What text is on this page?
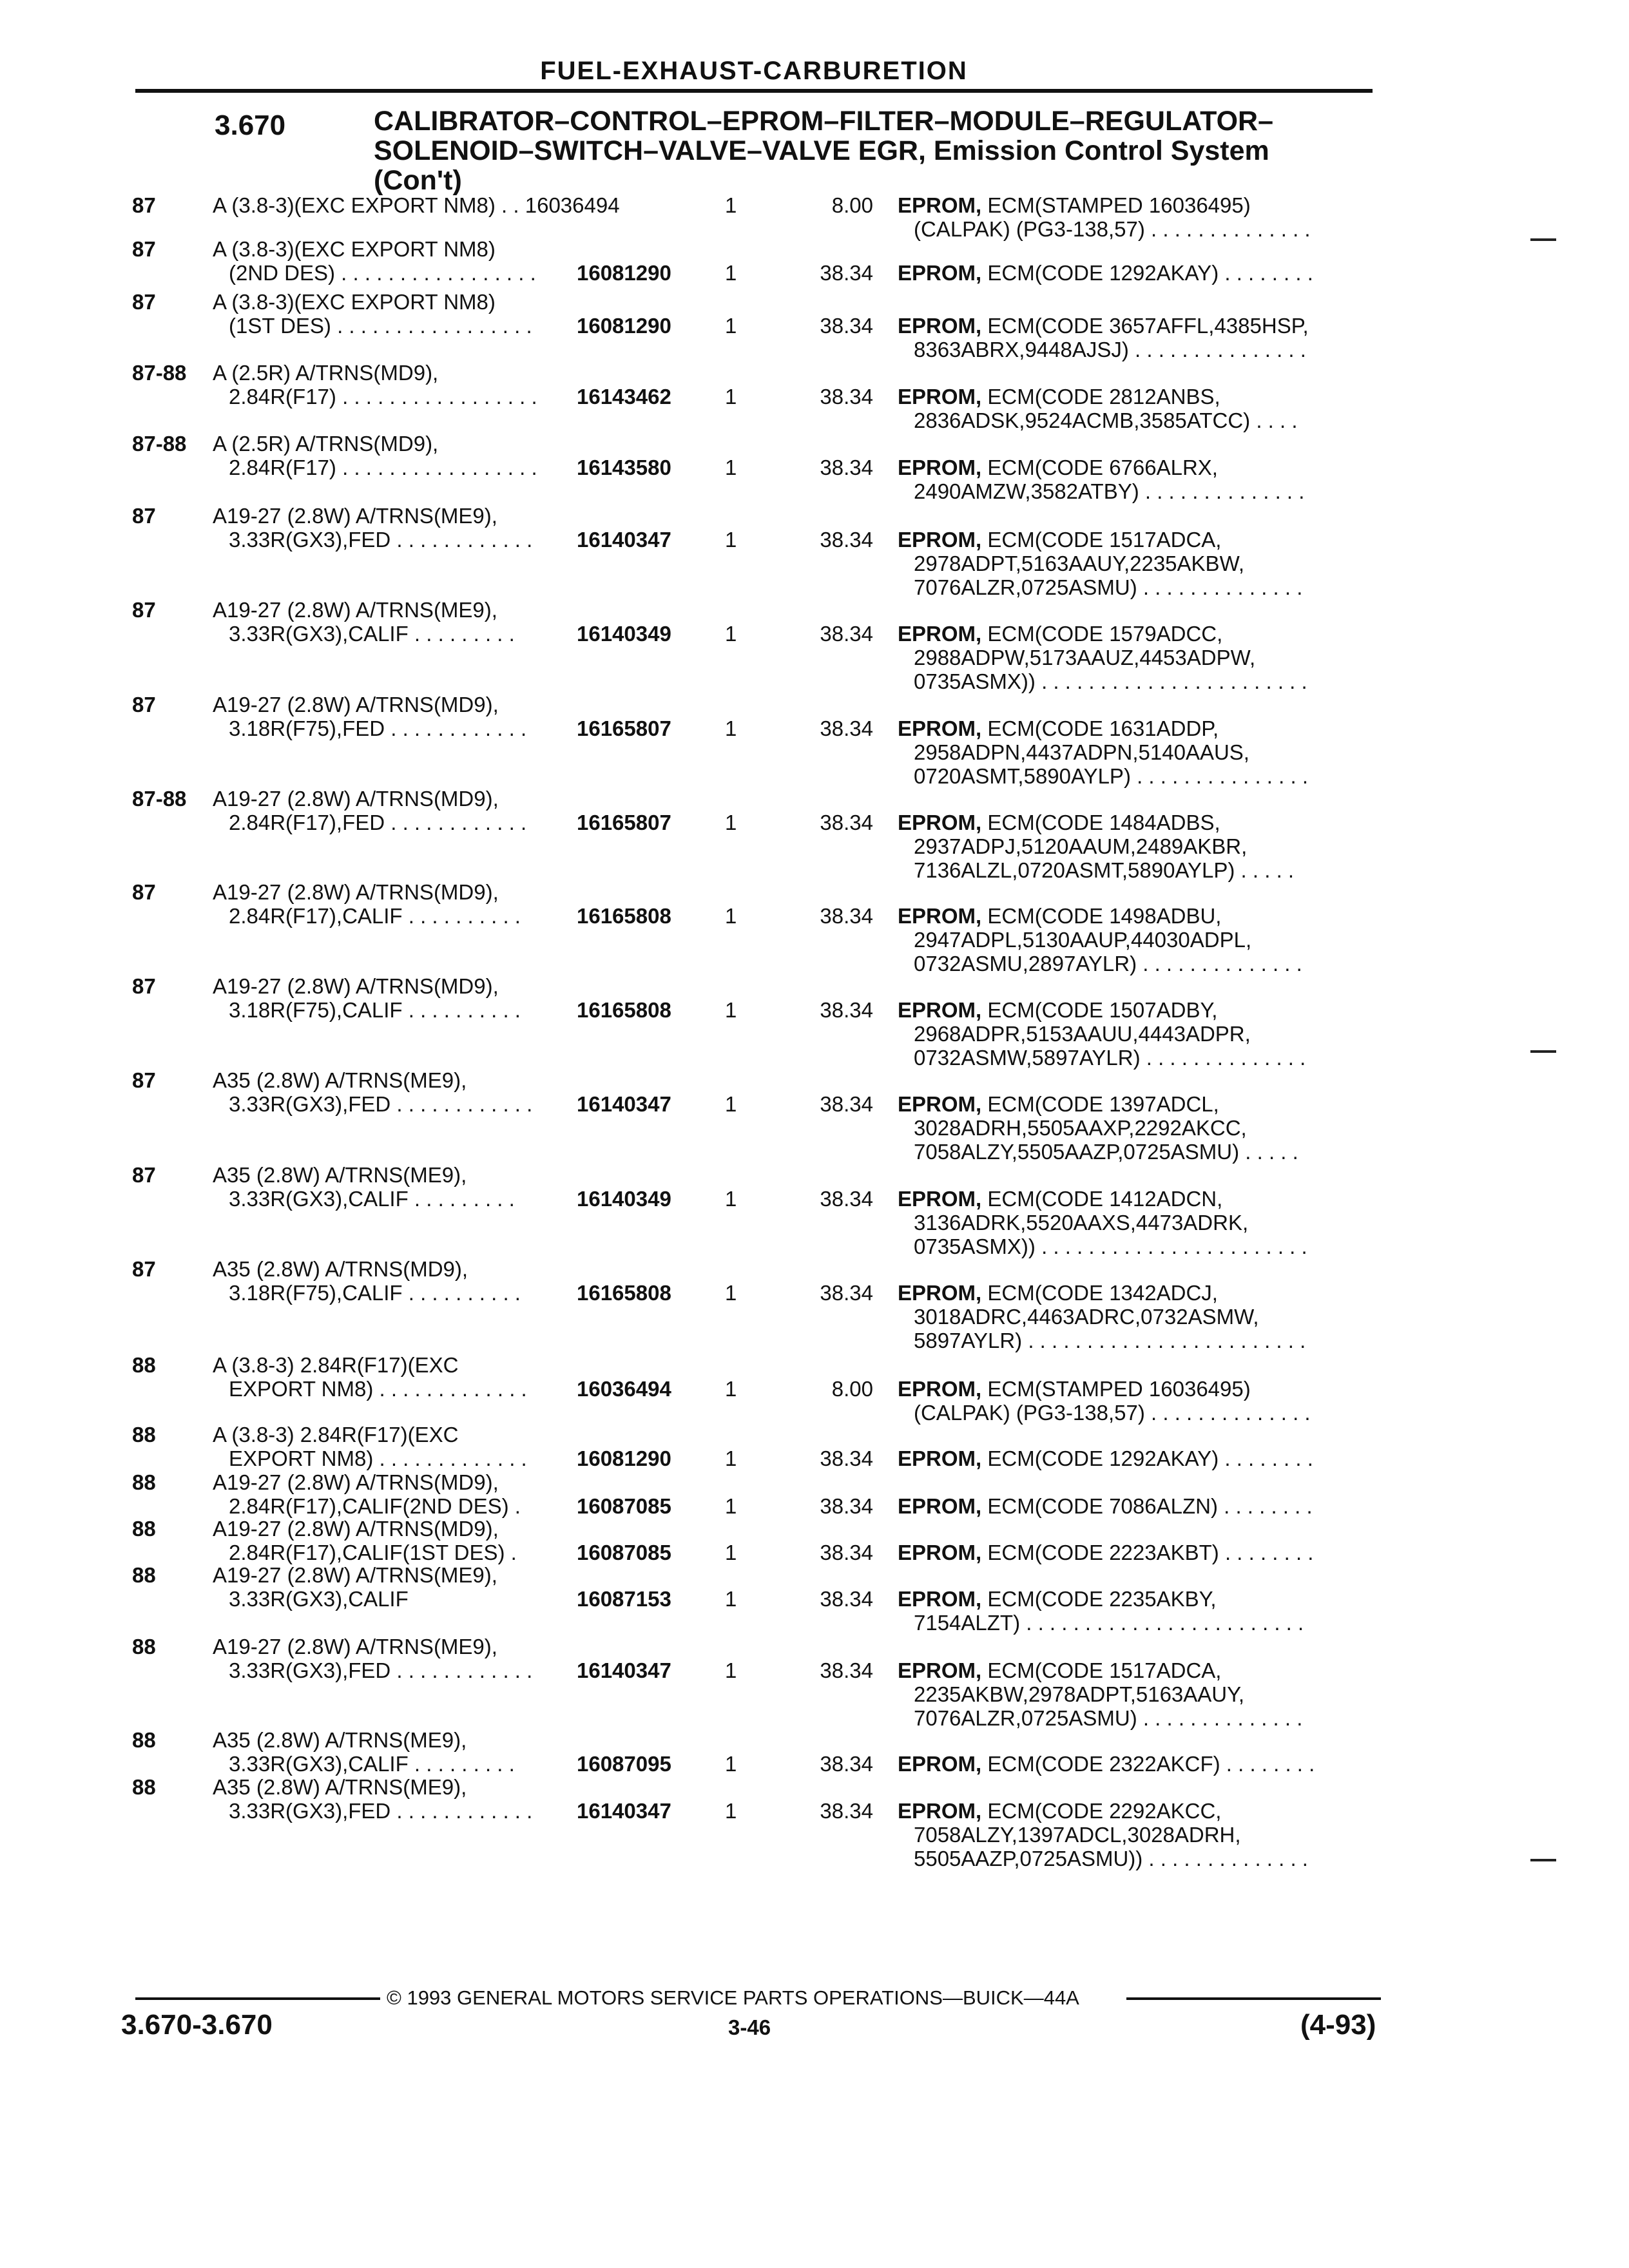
FUEL-EXHAUST-CARBURETION
3.670	CALIBRATOR–CONTROL–EPROM–FILTER–MODULE–REGULATOR–
SOLENOID–SWITCH–VALVE–VALVE EGR, Emission Control System
(Con't)
87	A (3.8-3)(EXC EXPORT NM8) . . 16036494	1	8.00 EPROM, ECM(STAMPED 16036495)
(CALPAK) (PG3-138,57) . . . . . . . . . . . . . .
87	A (3.8-3)(EXC EXPORT NM8)
(2ND DES) . . . . . . . . . . . . . . . . .	16081290	1	38.34 EPROM, ECM(CODE 1292AKAY) . . . . . . . .
87	A (3.8-3)(EXC EXPORT NM8)
(1ST DES) . . . . . . . . . . . . . . . . .	16081290	1	38.34 EPROM, ECM(CODE 3657AFFL,4385HSP,
8363ABRX,9448AJSJ) . . . . . . . . . . . . . . .
87-88	A (2.5R) A/TRNS(MD9),
2.84R(F17) . . . . . . . . . . . . . . . . .	16143462	1	38.34 EPROM, ECM(CODE 2812ANBS,
2836ADSK,9524ACMB,3585ATCC) . . . .
87-88	A (2.5R) A/TRNS(MD9),
2.84R(F17) . . . . . . . . . . . . . . . . .	16143580	1	38.34 EPROM, ECM(CODE 6766ALRX,
2490AMZW,3582ATBY) . . . . . . . . . . . . . .
87	A19-27 (2.8W) A/TRNS(ME9),
3.33R(GX3),FED . . . . . . . . . . . .	16140347	1	38.34 EPROM, ECM(CODE 1517ADCA,
2978ADPT,5163AAUY,2235AKBW,
7076ALZR,0725ASMU) . . . . . . . . . . . . . .
87	A19-27 (2.8W) A/TRNS(ME9),
3.33R(GX3),CALIF . . . . . . . . .	16140349	1	38.34 EPROM, ECM(CODE 1579ADCC,
2988ADPW,5173AAUZ,4453ADPW,
0735ASMX)) . . . . . . . . . . . . . . . . . . . . . . .
87	A19-27 (2.8W) A/TRNS(MD9),
3.18R(F75),FED . . . . . . . . . . . .	16165807	1	38.34 EPROM, ECM(CODE 1631ADDP,
2958ADPN,4437ADPN,5140AAUS,
0720ASMT,5890AYLP) . . . . . . . . . . . . . . .
87-88	A19-27 (2.8W) A/TRNS(MD9),
2.84R(F17),FED . . . . . . . . . . . .	16165807	1	38.34 EPROM, ECM(CODE 1484ADBS,
2937ADPJ,5120AAUM,2489AKBR,
7136ALZL,0720ASMT,5890AYLP) . . . . .
87	A19-27 (2.8W) A/TRNS(MD9),
2.84R(F17),CALIF . . . . . . . . . .	16165808	1	38.34 EPROM, ECM(CODE 1498ADBU,
2947ADPL,5130AAUP,44030ADPL,
0732ASMU,2897AYLR) . . . . . . . . . . . . . .
87	A19-27 (2.8W) A/TRNS(MD9),
3.18R(F75),CALIF . . . . . . . . . .	16165808	1	38.34 EPROM, ECM(CODE 1507ADBY,
2968ADPR,5153AAUU,4443ADPR,
0732ASMW,5897AYLR) . . . . . . . . . . . . . .
87	A35 (2.8W) A/TRNS(ME9),
3.33R(GX3),FED . . . . . . . . . . . .	16140347	1	38.34 EPROM, ECM(CODE 1397ADCL,
3028ADRH,5505AAXP,2292AKCC,
7058ALZY,5505AAZP,0725ASMU) . . . . .
87	A35 (2.8W) A/TRNS(ME9),
3.33R(GX3),CALIF . . . . . . . . .	16140349	1	38.34 EPROM, ECM(CODE 1412ADCN,
3136ADRK,5520AAXS,4473ADRK,
0735ASMX)) . . . . . . . . . . . . . . . . . . . . . . .
87	A35 (2.8W) A/TRNS(MD9),
3.18R(F75),CALIF . . . . . . . . . .	16165808	1	38.34 EPROM, ECM(CODE 1342ADCJ,
3018ADRC,4463ADRC,0732ASMW,
5897AYLR) . . . . . . . . . . . . . . . . . . . . . . . .
88	A (3.8-3) 2.84R(F17)(EXC
EXPORT NM8) . . . . . . . . . . . . .	16036494	1	8.00 EPROM, ECM(STAMPED 16036495)
(CALPAK) (PG3-138,57) . . . . . . . . . . . . . .
88	A (3.8-3) 2.84R(F17)(EXC
EXPORT NM8) . . . . . . . . . . . . .	16081290	1	38.34 EPROM, ECM(CODE 1292AKAY) . . . . . . . .
88	A19-27 (2.8W) A/TRNS(MD9),
2.84R(F17),CALIF(2ND DES) .	16087085	1	38.34 EPROM, ECM(CODE 7086ALZN) . . . . . . . .
88	A19-27 (2.8W) A/TRNS(MD9),
2.84R(F17),CALIF(1ST DES) .	16087085	1	38.34 EPROM, ECM(CODE 2223AKBT) . . . . . . . .
88	A19-27 (2.8W) A/TRNS(ME9),
3.33R(GX3),CALIF	16087153	1	38.34 EPROM, ECM(CODE 2235AKBY,
7154ALZT) . . . . . . . . . . . . . . . . . . . . . . . .
88	A19-27 (2.8W) A/TRNS(ME9),
3.33R(GX3),FED . . . . . . . . . . . .	16140347	1	38.34 EPROM, ECM(CODE 1517ADCA,
2235AKBW,2978ADPT,5163AAUY,
7076ALZR,0725ASMU) . . . . . . . . . . . . . .
88	A35 (2.8W) A/TRNS(ME9),
3.33R(GX3),CALIF . . . . . . . . .	16087095	1	38.34 EPROM, ECM(CODE 2322AKCF) . . . . . . . .
88	A35 (2.8W) A/TRNS(ME9),
3.33R(GX3),FED . . . . . . . . . . . .	16140347	1	38.34 EPROM, ECM(CODE 2292AKCC,
7058ALZY,1397ADCL,3028ADRH,
5505AAZP,0725ASMU)) . . . . . . . . . . . . . .
© 1993 GENERAL MOTORS SERVICE PARTS OPERATIONS—BUICK—44A
3.670-3.670	3-46	(4-93)
